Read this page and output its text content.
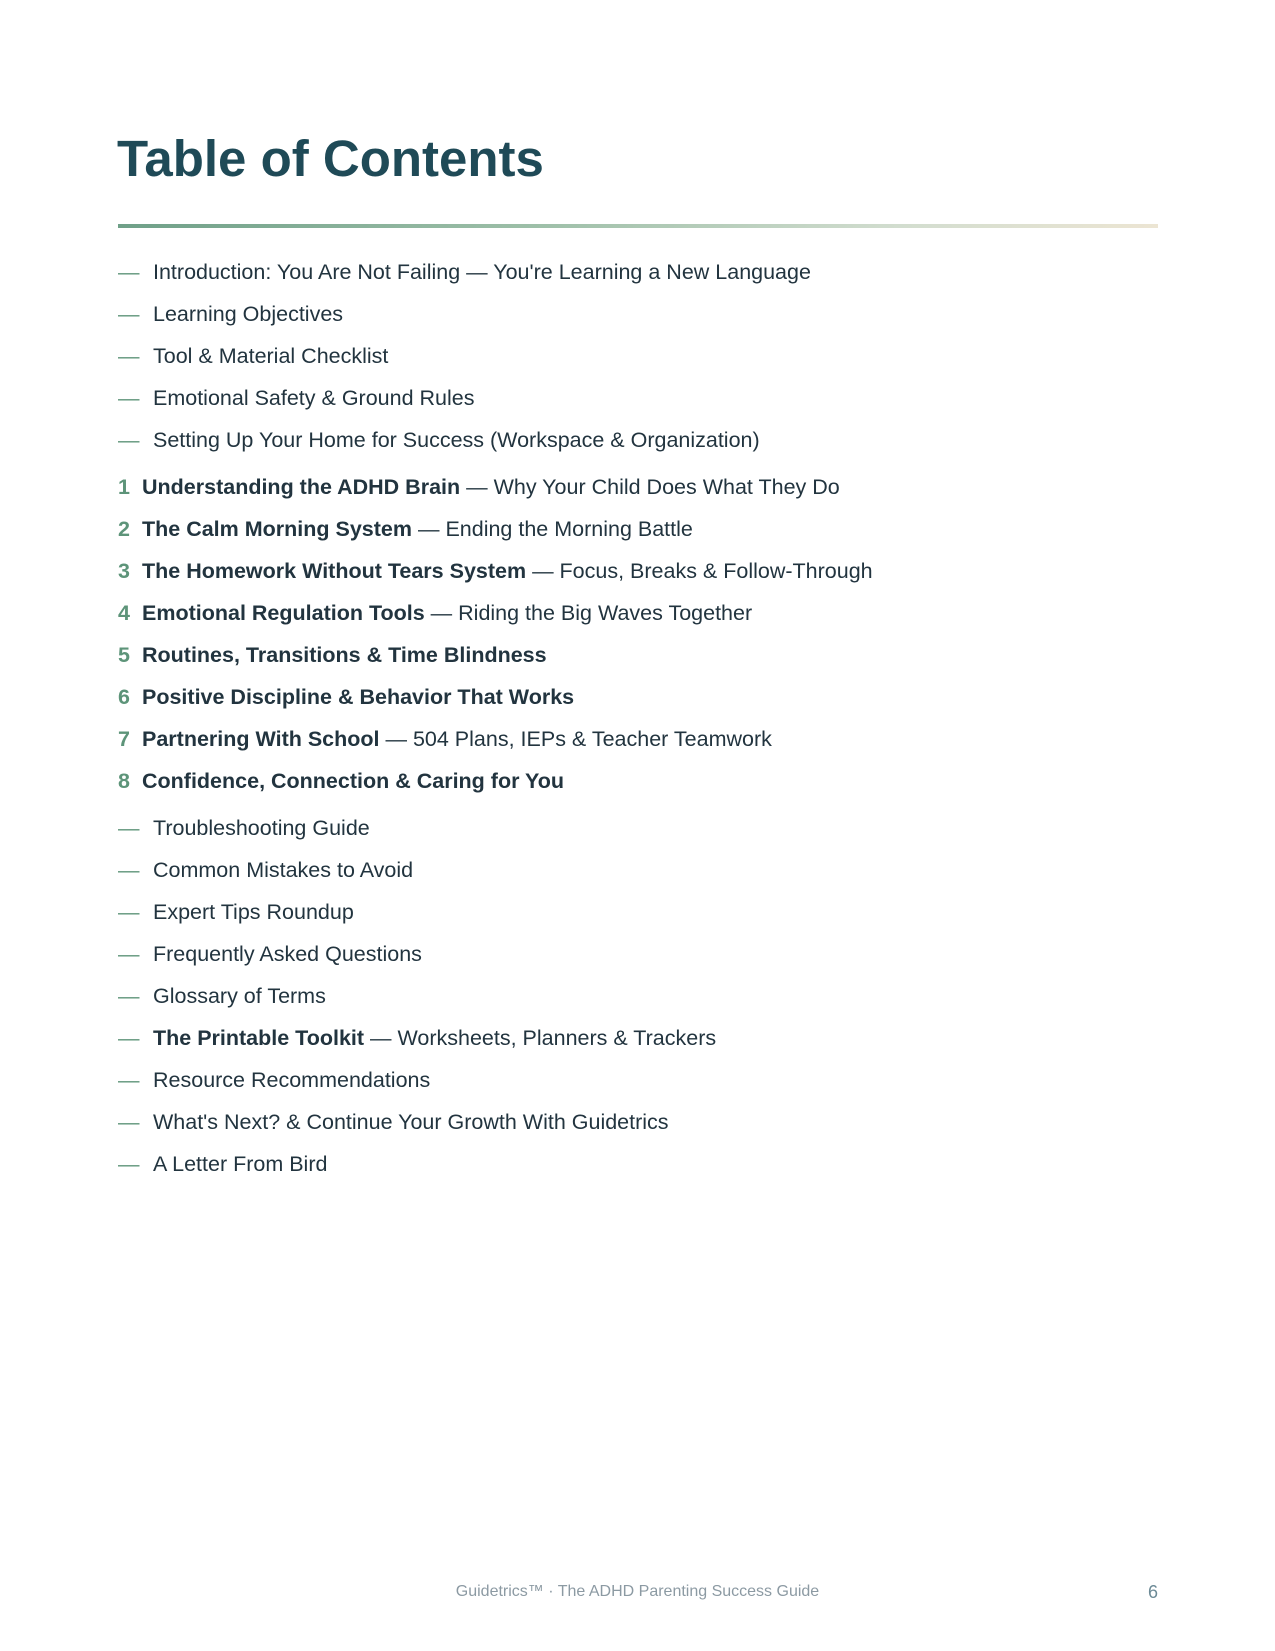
Table of Contents
— Introduction: You Are Not Failing — You're Learning a New Language
— Learning Objectives
— Tool & Material Checklist
— Emotional Safety & Ground Rules
— Setting Up Your Home for Success (Workspace & Organization)
1 Understanding the ADHD Brain — Why Your Child Does What They Do
2 The Calm Morning System — Ending the Morning Battle
3 The Homework Without Tears System — Focus, Breaks & Follow-Through
4 Emotional Regulation Tools — Riding the Big Waves Together
5 Routines, Transitions & Time Blindness
6 Positive Discipline & Behavior That Works
7 Partnering With School — 504 Plans, IEPs & Teacher Teamwork
8 Confidence, Connection & Caring for You
— Troubleshooting Guide
— Common Mistakes to Avoid
— Expert Tips Roundup
— Frequently Asked Questions
— Glossary of Terms
— The Printable Toolkit — Worksheets, Planners & Trackers
— Resource Recommendations
— What's Next? & Continue Your Growth With Guidetrics
— A Letter From Bird
Guidetrics™ · The ADHD Parenting Success Guide	6
